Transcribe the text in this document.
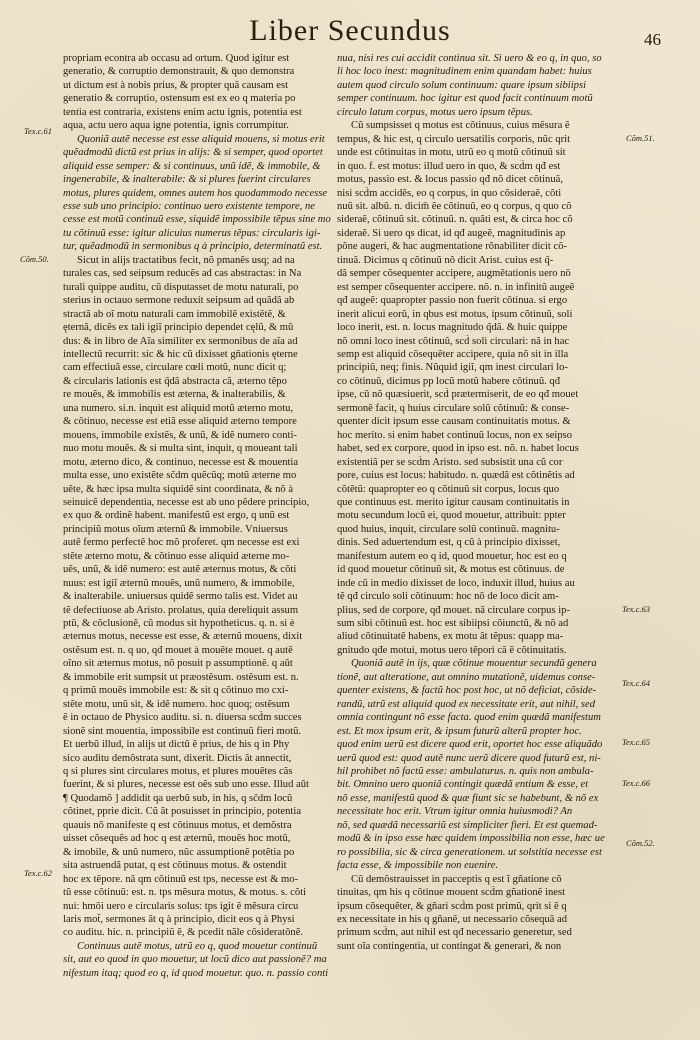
Liber Secundus	46
Tex.c.61
Cõm.50.
Tex.c.62
Cõm.51.
Tex.c.63
Tex.c.64
Tex.c.65
Tex.c.66
Cõm.52.
propriam econtra ab occasu ad ortum. Quod igitur est
generatio, & corruptio demonstrauit, & quo demonstra
ut dictum est à nobis prius, & propter quã causam est
generatio & corruptio, ostensum est ex eo q materia po
tentia est contraria, existens enim actu ignis, potentia est
aqua, actu uero aqua igne potentia, ignis corrumpitur.
Quoniã autẽ necesse est esse aliquid mouens, si motus erit
quẽadmodũ dictũ est prius in alijs: & si semper, quod oportet
aliquid esse semper: & si continuus, unũ idẽ, & immobile, &
ingenerabile, & inalterabile: & si plures fuerint circulares
motus, plures quidem, omnes autem hos quodammodo necesse
esse sub uno principio: continuo uero existente tempore, ne
cesse est motũ continuũ esse, siquidẽ impossibile tẽpus sine mo
tu cõtinuũ esse: igitur alicuius numerus tẽpus: circularis igi-
tur, quẽadmodũ in sermonibus q à principio, determinatũ est.
Sicut in alijs tractatibus fecit, nõ pmanẽs usq; ad na
turales cas, sed seipsum reducẽs ad cas abstractas: in Na
turali quippe auditu, cũ disputasset de motu naturali, po
sterius in octauo sermone reduxit seipsum ad quãdã ab
stractã ab oĩ motu naturali cam immobilẽ existẽtẽ, &
ęternã, dicẽs ex tali igiĩ principio dependet cęlũ, & mũ
dus: & in libro de Aĩa similiter ex sermonibus de aĩa ad
intellectũ recurrit: sic & hic cũ dixisset gñationis ęterne
cam effectiuã esse, circulare cœli motũ, nunc dicit q;
& circularis lationis est q̃dã abstracta cã, æterno tẽpo
re mouẽs, & immobilis est æterna, & inalterabilis, &
una numero. si.n. inquit est aliquid motũ æterno motu,
& cõtinuo, necesse est etiã esse aliquid æterno tempore
mouens, immobile existẽs, & unũ, & idẽ numero conti-
nuo motu mouẽs. & si multa sint, inquit, q moueant tali
motu, æterno dico, & continuo, necesse est & mouentia
multa esse, uno existẽte sc̃dm quẽcũq; motũ æterne mo
uẽte, & hæc ipsa multa siquidẽ sint coordinata, & nõ à
seinuicẽ dependentia, necesse est ab uno pẽdere principio,
ex quo & ordinẽ habent. manifestũ est ergo, q unũ est
principiũ motus oĩum æternũ & immobile. Vniuersus
autẽ fermo perfectẽ hoc mõ proferet. qm necesse est exi
stẽte æterno motu, & cõtinuo esse aliquid æterne mo-
uẽs, unũ, & idẽ numero: est autẽ æternus motus, & cõti
nuus: est igiĩ æternũ mouẽs, unũ numero, & immobile,
& inalterabile. uniuersus quidẽ sermo talis est. Videt au
tẽ defectiuose ab Aristo. prolatus, quia dereliquit assum
ptũ, & cõclusionẽ, cũ modus sit hypotheticus. q. n. si è
æternus motus, necesse est esse, & æternũ mouens, dixit
ostẽsum est. n. q uo, qđ mouet à mouẽte mouet. q autẽ
oĩno sit æternus motus, nõ posuit p assumptionẽ. q aũt
& immobile erit sumpsit ut præostẽsum. ostẽsum est. n.
q primũ mouẽs immobile est: & sit q cõtinuo mo cxi-
stẽte motu, unũ sit, & idẽ numero. hoc quoq; ostẽsum
ẽ in octauo de Physico auditu. si. n. diuersa scd̃m succes
sionẽ sint mouentia, impossibile est continuũ fieri motũ.
Et uerbũ illud, in alijs ut dictũ ẽ prius, de his q in Phy
sico auditu demõstrata sunt, dixerit. Dictis ãt annectit,
q si plures sint circulares motus, et plures mouẽtes cãs
fuerint, & si plures, necesse est oẽs sub uno esse. Illud aũt
¶ Quodamõ ] addidit qa uerbũ sub, in his, q sc̃dm locũ
cõtinet, pprie dicit. Cũ ãt posuisset in principio, potentia
quauis nõ manifeste q est cõtinuus motus, et demõstra
uisset cõsequẽs ad hoc q est æternũ, mouẽs hoc motũ,
& imobile, & unũ numero, nũc assumptionẽ potẽtia po
sita astruendã putat, q est cõtinuus motus. & ostendit
hoc ex tẽpore. nã qm cõtinuũ est tps, necesse est & mo-
tũ esse cõtinuũ: est. n. tps mẽsura motus, & motus. s. cõti
nui: hmõi uero e circularis solus: tps igit ẽ mẽsura circu
laris mot̃, sermones ãt q à principio, dicit eos q à Physi
co auditu. hic. n. principiũ ẽ, & pcedit nãle cõsideratõnẽ.
Continuus autẽ motus, utrũ eo q, quod mouetur continuũ
sit, aut eo quod in quo mouetur, ut locũ dico aut passionẽ? ma
nifestum itaq; quod eo q, id quod mouetur. quo. n. passio conti
nua, nisi res cui accidit continua sit. Si uero & eo q, in quo, so
li hoc loco inest: magnitudinem enim quandam habet: huius
autem quod circulo solum continuum: quare ipsum sibiipsi
semper continuum. hoc igitur est quod facit continuum motũ
circulo latum corpus, motus uero ipsum tẽpus.
Cũ sumpsisset q motus est cõtinuus, cuius mẽsura ẽ
tempus, & hic est, q circulo uersatilis corporis, nũc qrit
unde est cõtinuitas in motu, utrũ eo q motũ cõtinuũ sit
in quo. f. est motus: illud uero in quo, & scd̃m qđ est
motus, passio est. & locus passio qđ nõ dicet cõtinuã,
nisi scd̃m accidẽs, eo q corpus, in quo cõsideraẽ, cõti
nuũ sit. albũ. n. dicim̃ ẽe cõtinuũ, eo q corpus, q quo cõ
sideraẽ, cõtinuũ sit. cõtinuũ. n. quãti est, & circa hoc cõ
sideraẽ. Si uero qs dicat, id qđ augeẽ, magnitudinis ap
põne augeri, & hac augmentatione rõnabiliter dicit cõ-
tinuã. Dicimus q cõtinuũ nõ dicit Arist. cuius est q̃-
dã semper cõsequenter accipere, augmẽtationis uero nõ
est semper cõsequenter accipere. nõ. n. in infinitũ augeẽ
qđ augeẽ: quapropter passio non fuerit cõtinua. si ergo
inerit alicui eorũ, in qbus est motus, ipsum cõtinuũ, soli
loco inerit, est. n. locus magnitudo q̃dã. & huic quippe
nõ omni loco inest cõtinuũ, scd̃ soli circulari: nã in hac
semp est aliquid cõsequẽter accipere, quia nõ sit in illa
principiũ, neq; finis. Nũquid igiĩ, qm inest circulari lo-
co cõtinuũ, dicimus pp locũ motũ habere cõtinuũ. qđ
ipse, cũ nõ quæsiuerit, scd̃ prætermiserit, de eo qđ mouet
sermonẽ facit, q huius circulare solũ cõtinuũ: & conse-
quenter dicit ipsum esse causam continuitatis motus. &
hoc merito. si enim habet continuũ locus, non ex seipso
habet, sed ex corpore, quod in ipso est. nõ. n. habet locus
existentiã per se scd̃m Aristo. sed subsistit una cũ cor
pore, cuius est locus: habitudo. n. quædã est cõtinẽtis ad
cõtẽtũ: quapropter eo q cõtinuũ sit corpus, locus quo
que continuus est. merito igitur causam continuitatis in
motu secundum locũ ei, quod mouetur, attribuit: ppter
quod huius, inquit, circulare solũ continuũ. magnitu-
dinis. Sed aduertendum est, q cũ à principio dixisset,
manifestum autem eo q id, quod mouetur, hoc est eo q
id quod mouetur cõtinuũ sit, & motus est cõtinuus. de
inde cũ in medio dixisset de loco, induxit illud, huius au
tẽ qđ circulo soli cõtinuum: hoc nõ de loco dicit am-
plius, sed de corpore, qđ mouet. nã circulare corpus ip-
sum sibi cõtinuũ est. hoc est sibiipsi cõiunctũ, & nõ ad
aliud cõtinuitatẽ habens, ex motu ãt tẽpus: quapp ma-
gnitudo qđe motui, motus uero tẽpori cã ẽ cõtinuitatis.
Quoniã autẽ in ijs, quæ cõtinue mouentur secundũ genera
tionẽ, aut alteratione, aut omnino mutationẽ, uidemus conse-
quenter existens, & factũ hoc post hoc, ut nõ deficiat, cõside-
randũ, utrũ est aliquid quod ex necessitate erit, aut nihil, sed
omnia contingunt nõ esse facta. quod enim quædã manifestum
est. Et mox ipsum erit, & ipsum futurũ alterũ propter hoc.
quod enim uerũ est dicere quod erit, oportet hoc esse aliquãdo
uerũ quod est: quod autẽ nunc uerũ dicere quod futurũ est, ni-
hil prohibet nõ factũ esse: ambulaturus. n. quis non ambula-
bit. Omnino uero quoniã contingit quædã entium & esse, et
nõ esse, manifestũ quod & quæ fiunt sic se habebunt, & nõ ex
necessitate hoc erit. Vtrum igitur omnia huiusmodi? An
nõ, sed quædã necessariũ est simpliciter fieri. Et est quemad-
modũ & in ipso esse hæc quidem impossibilia non esse, hæc ue
ro possibilia, sic & circa generationem. ut solstitia necesse est
facta esse, & impossibile non euenire.
Cũ demõstrauisset in pacceptis q est ĩ gñatione cõ
tinuitas, qm his q cõtinue mouent scd̃m gñationẽ inest
ipsum cõsequẽter, & gñari scd̃m post primũ, qrit si ẽ q
ex necessitate in his q gñanẽ, ut necessario cõsequã ad
primum scd̃m, aut nihil est qđ necessario generetur, sed
sunt oĩa contingentia, ut contingat & generari, & non
